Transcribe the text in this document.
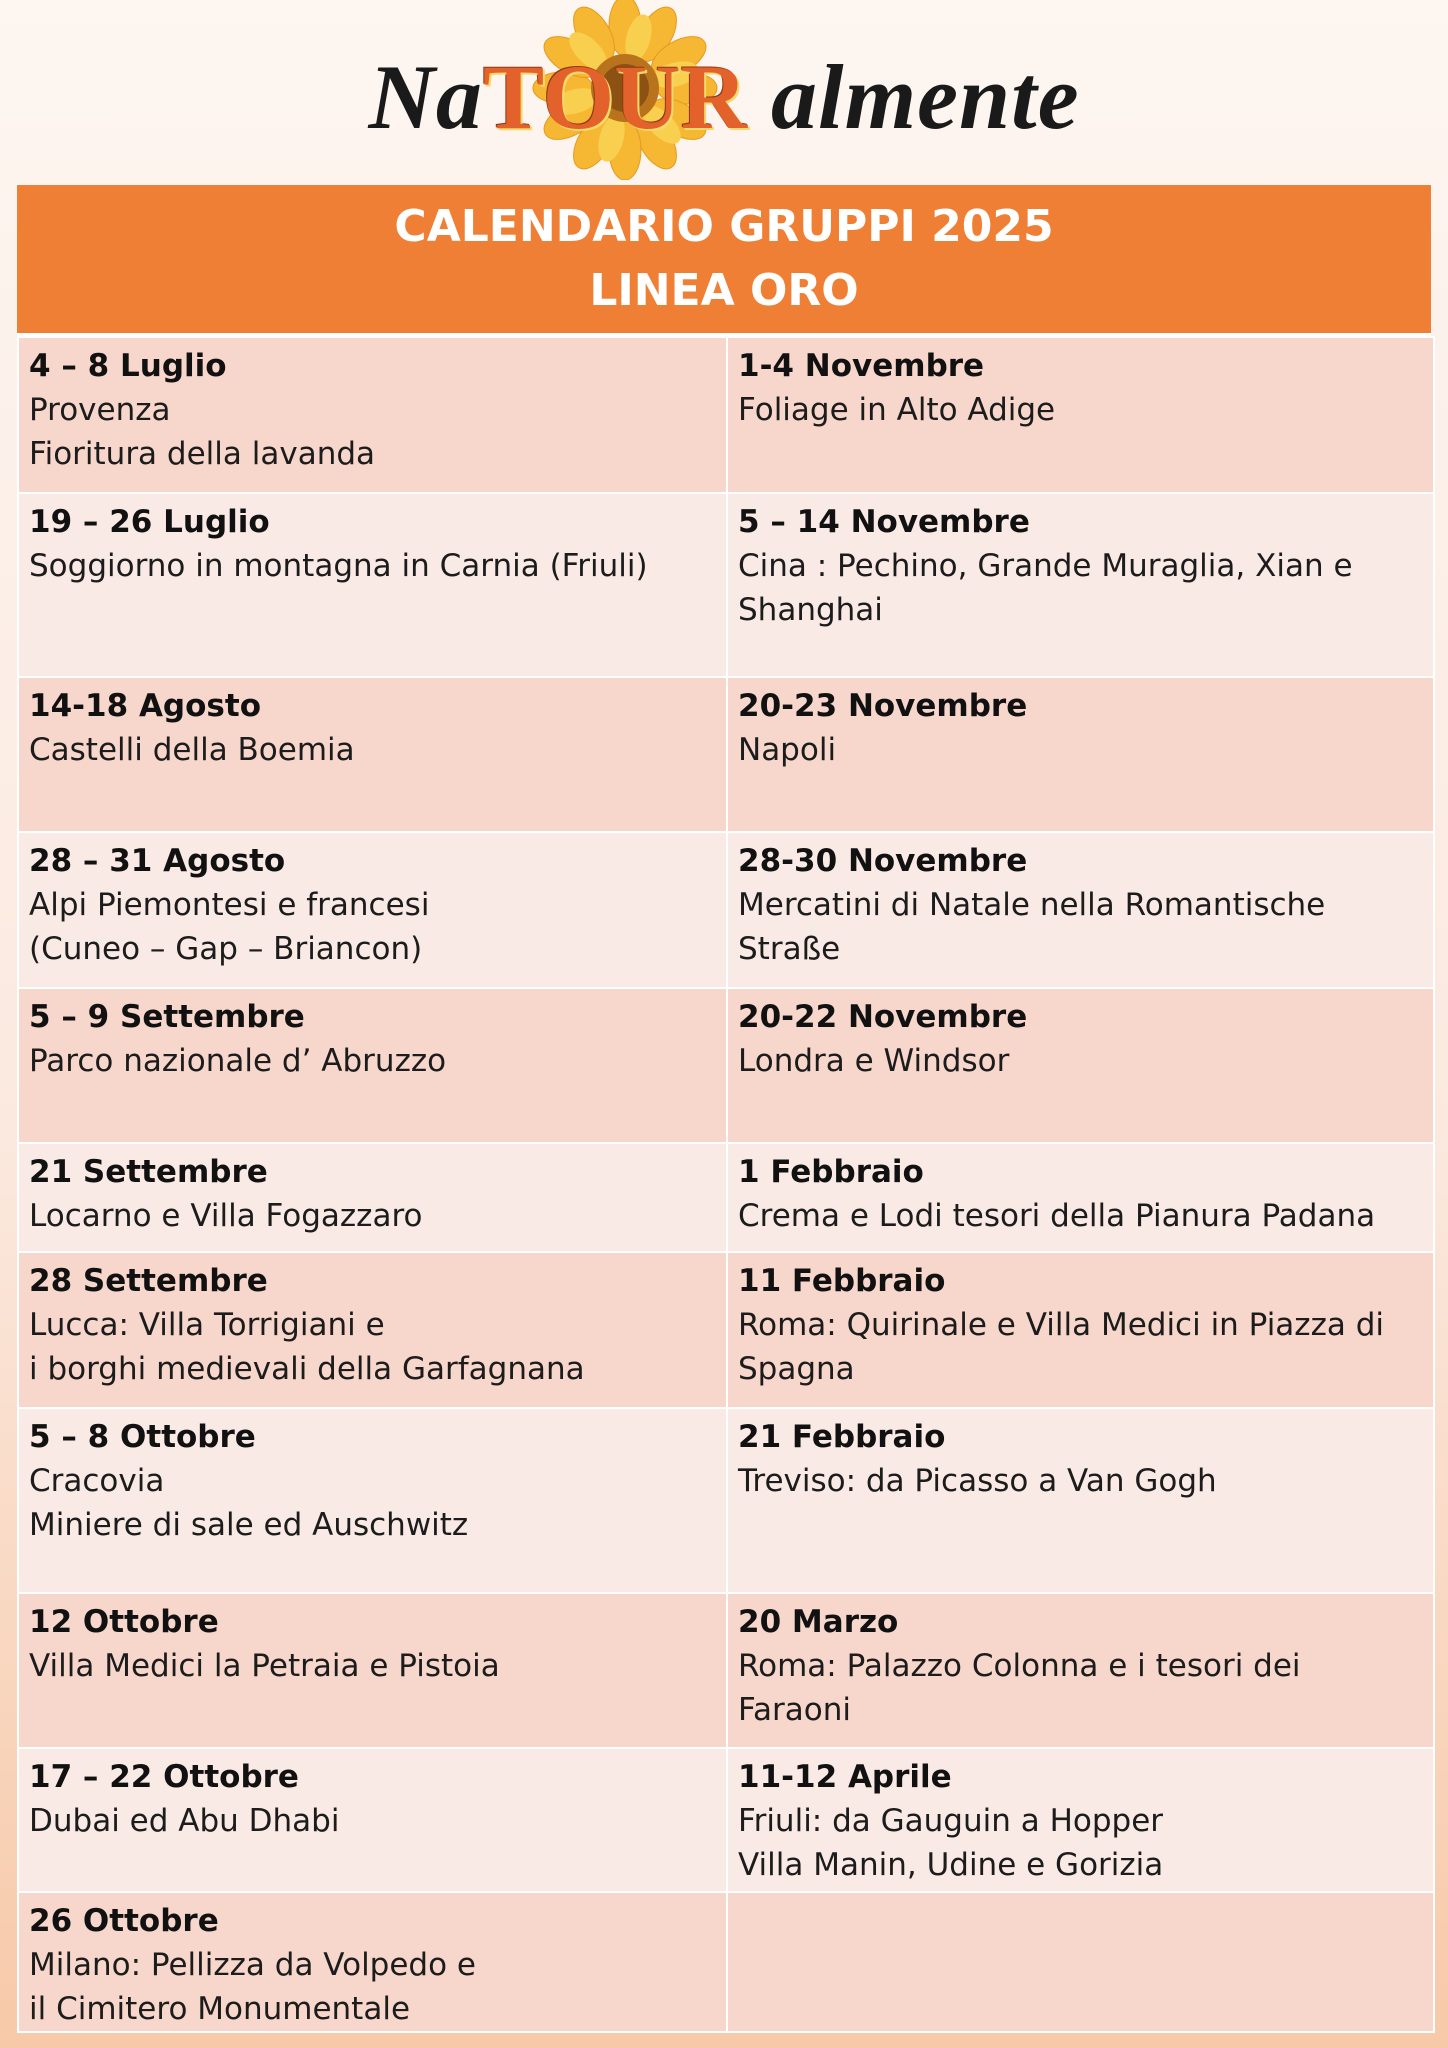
NaTOUR almente
CALENDARIO GRUPPI 2025
LINEA ORO
4 – 8 Luglio
Provenza
Fioritura della lavanda
1-4 Novembre
Foliage in Alto Adige
19 – 26 Luglio
Soggiorno in montagna in Carnia (Friuli)
5 – 14 Novembre
Cina : Pechino, Grande Muraglia, Xian e
Shanghai
14-18 Agosto
Castelli della Boemia
20-23 Novembre
Napoli
28 – 31 Agosto
Alpi Piemontesi e francesi
(Cuneo – Gap – Briancon)
28-30 Novembre
Mercatini di Natale nella Romantische Straße
5 – 9 Settembre
Parco nazionale d’ Abruzzo
20-22 Novembre
Londra e Windsor
21 Settembre
Locarno e Villa Fogazzaro
1 Febbraio
Crema e Lodi tesori della Pianura Padana
28 Settembre
Lucca: Villa Torrigiani e
i borghi medievali della Garfagnana
11 Febbraio
Roma: Quirinale e Villa Medici in Piazza di
Spagna
5 – 8 Ottobre
Cracovia
Miniere di sale ed Auschwitz
21 Febbraio
Treviso: da Picasso a Van Gogh
12 Ottobre
Villa Medici la Petraia e Pistoia
20 Marzo
Roma: Palazzo Colonna e i tesori dei Faraoni
17 – 22 Ottobre
Dubai ed Abu Dhabi
11-12 Aprile
Friuli: da Gauguin a Hopper
Villa Manin, Udine e Gorizia
26 Ottobre
Milano: Pellizza da Volpedo e
il Cimitero Monumentale
